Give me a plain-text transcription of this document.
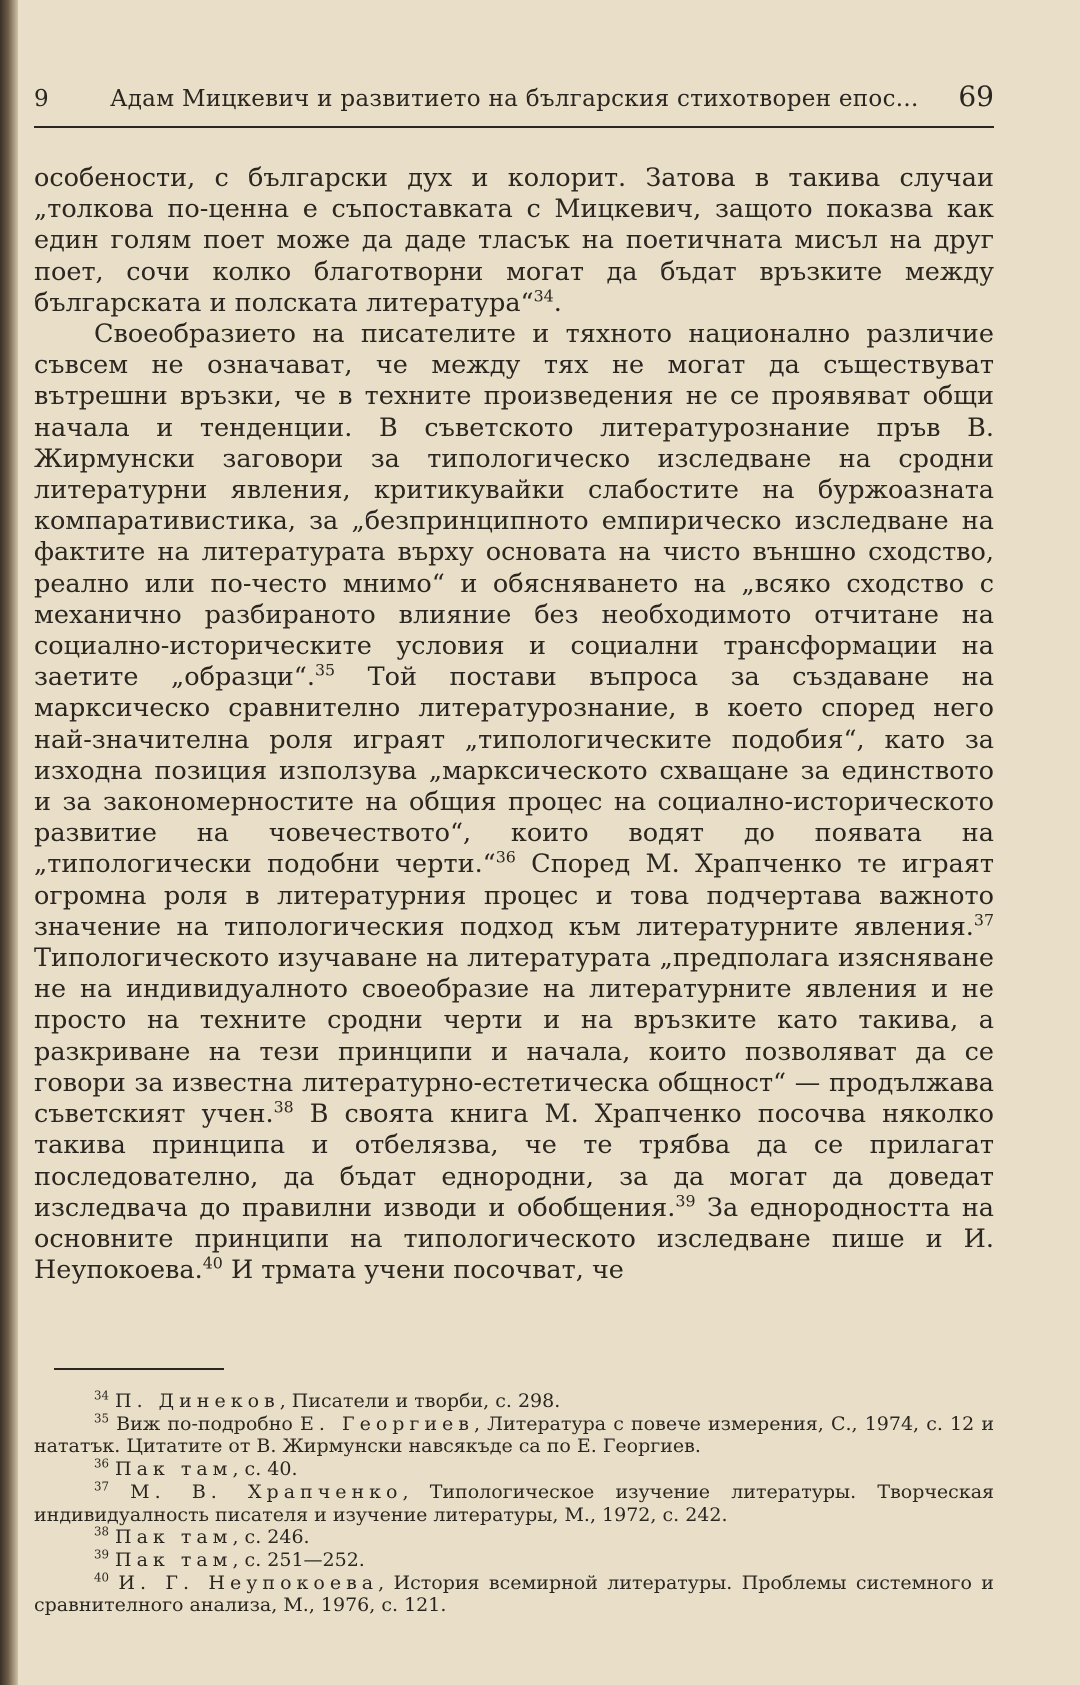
9	Адам Мицкевич и развитието на българския стихотворен епос... 69

особености, с български дух и колорит. Затова в такива случаи „толкова по-ценна е съпоставката с Мицкевич, защото показва как един голям поет може да даде тласък на поетичната мисъл на друг поет, сочи колко благотворни могат да бъдат връзките между българската и полската литература“$^{34}$.

Своеобразието на писателите и тяхното национално различие съвсем не означават, че между тях не могат да съществуват вътрешни връзки, че в техните произведения не се проявяват общи начала и тенденции. В съветското литературознание пръв В. Жирмунски заговори за типологическо изследване на сродни литературни явления, критикувайки слабостите на буржоазната компаративистика, за „безпринципното емпирическо изследване на фактите на литературата върху основата на чисто външно сходство, реално или по-често мнимо“ и обясняването на „всяко сходство с механично разбираното влияние без необходимото отчитане на социално-историческите условия и социални трансформации на заетите „образци“.$^{35}$ Той постави въпроса за създаване на марксическо сравнително литературознание, в което според него най-значителна роля играят „типологическите подобия“, като за изходна позиция използува „марксическото схващане за единството и за закономерностите на общия процес на социално-историческото развитие на човечеството“, които водят до появата на „типологически подобни черти.“$^{36}$ Според М. Храпченко те играят огромна роля в литературния процес и това подчертава важното значение на типологическия подход към литературните явления.$^{37}$ Типологическото изучаване на литературата „предполага изясняване не на индивидуалното своеобразие на литературните явления и не просто на техните сродни черти и на връзките като такива, а разкриване на тези принципи и начала, които позволяват да се говори за известна литературно-естетическа общност“ — продължава съветският учен.$^{38}$ В своята книга М. Храпченко посочва няколко такива принципа и отбелязва, че те трябва да се прилагат последователно, да бъдат еднородни, за да могат да доведат изследвача до правилни изводи и обобщения.$^{39}$ За еднородността на основните принципи на типологическото изследване пише и И. Неупокоева.$^{40}$ И трмата учени посочват, че

$^{34}$ П. Динеков, Писатели и творби, с. 298.

$^{35}$ Виж по-подробно Е. Георгиев, Литература с повече измерения, С., 1974, с. 12 и нататък. Цитатите от В. Жирмунски навсякъде са по Е. Георгиев.

$^{36}$ Пак там, с. 40.

$^{37}$ М. В. Храпченко, Типологическое изучение литературы. Творческая индивидуалность писателя и изучение литературы, М., 1972, с. 242.

$^{38}$ Пак там, с. 246.

$^{39}$ Пак там, с. 251—252.

$^{40}$ И. Г. Неупокоева, История всемирной литературы. Проблемы системного и сравнителного анализа, М., 1976, с. 121.
